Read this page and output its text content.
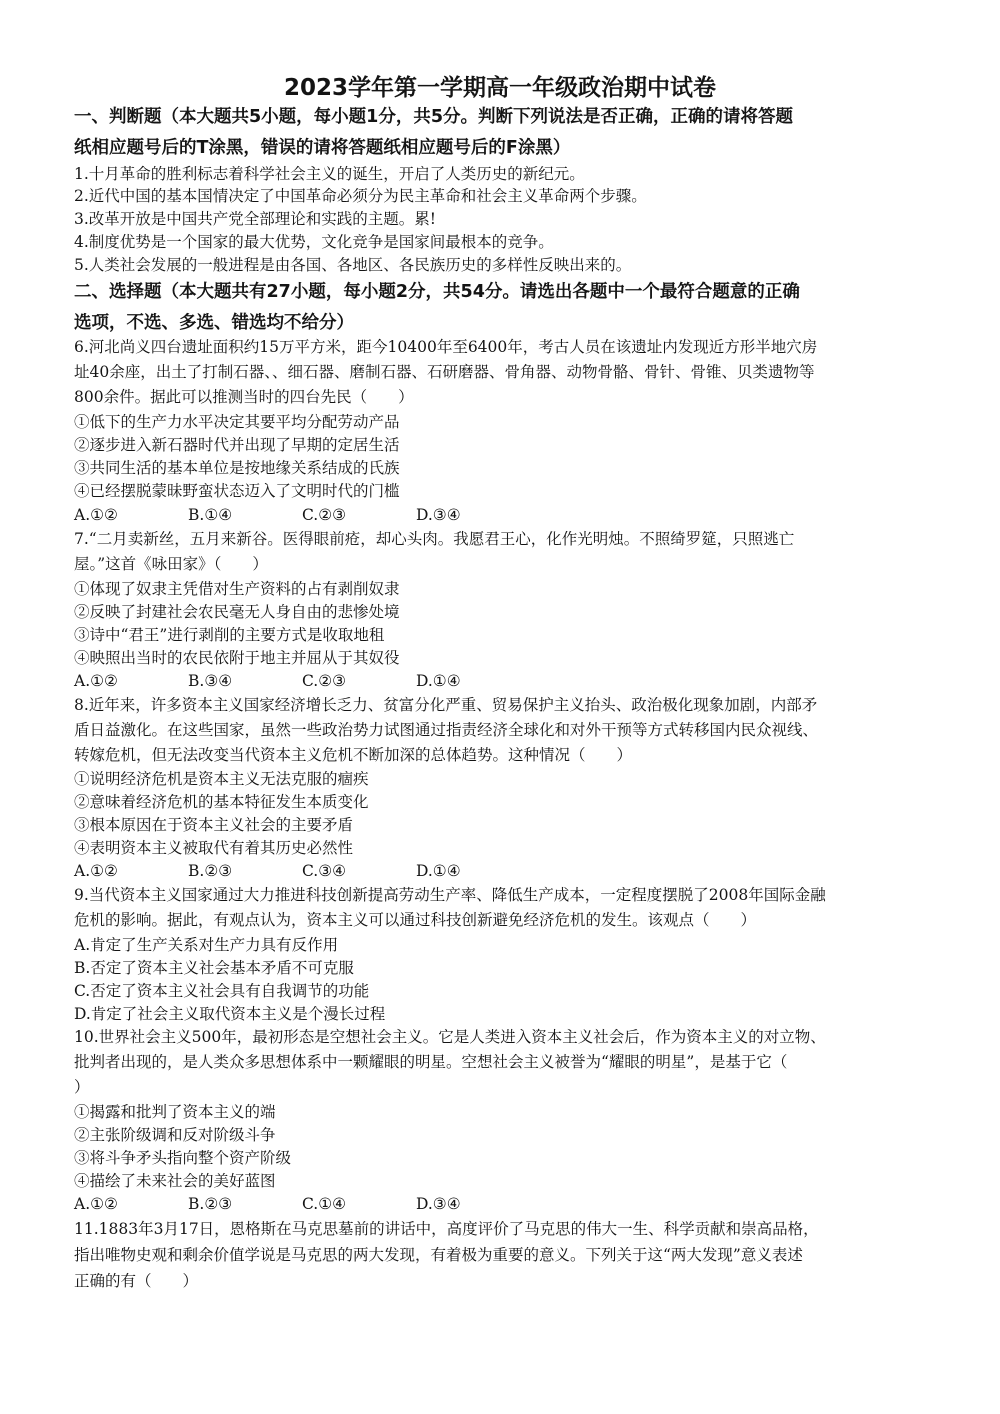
2023学年第一学期高一年级政治期中试卷
一、判断题（本大题共5小题，每小题1分，共5分。判断下列说法是否正确，正确的请将答题
纸相应题号后的T涂黑，错误的请将答题纸相应题号后的F涂黑）
1.十月革命的胜利标志着科学社会主义的诞生，开启了人类历史的新纪元。
2.近代中国的基本国情决定了中国革命必须分为民主革命和社会主义革命两个步骤。
3.改革开放是中国共产党全部理论和实践的主题。累!
4.制度优势是一个国家的最大优势，文化竞争是国家间最根本的竞争。
5.人类社会发展的一般进程是由各国、各地区、各民族历史的多样性反映出来的。
二、选择题（本大题共有27小题，每小题2分，共54分。请选出各题中一个最符合题意的正确
选项，不选、多选、错选均不给分）
6.河北尚义四台遗址面积约15万平方米，距今10400年至6400年，考古人员在该遗址内发现近方形半地穴房
址40余座，出土了打制石器、、细石器、磨制石器、石研磨器、骨角器、动物骨骼、骨针、骨锥、贝类遗物等
800余件。据此可以推测当时的四台先民（　　）
①低下的生产力水平决定其要平均分配劳动产品
②逐步进入新石器时代并出现了早期的定居生活
③共同生活的基本单位是按地缘关系结成的氏族
④已经摆脱蒙昧野蛮状态迈入了文明时代的门槛
A.①②	B.①④	C.②③	D.③④
7.“二月卖新丝，五月来新谷。医得眼前疮，却心头肉。我愿君王心，化作光明烛。不照绮罗筵，只照逃亡
屋。”这首《咏田家》（　　）
①体现了奴隶主凭借对生产资料的占有剥削奴隶
②反映了封建社会农民毫无人身自由的悲惨处境
③诗中“君王”进行剥削的主要方式是收取地租
④映照出当时的农民依附于地主并屈从于其奴役
A.①②	B.③④	C.②③	D.①④
8.近年来，许多资本主义国家经济增长乏力、贫富分化严重、贸易保护主义抬头、政治极化现象加剧，内部矛
盾日益激化。在这些国家，虽然一些政治势力试图通过指责经济全球化和对外干预等方式转移国内民众视线、
转嫁危机，但无法改变当代资本主义危机不断加深的总体趋势。这种情况（　　）
①说明经济危机是资本主义无法克服的痼疾
②意味着经济危机的基本特征发生本质变化
③根本原因在于资本主义社会的主要矛盾
④表明资本主义被取代有着其历史必然性
A.①②	B.②③	C.③④	D.①④
9.当代资本主义国家通过大力推进科技创新提高劳动生产率、降低生产成本，一定程度摆脱了2008年国际金融
危机的影响。据此，有观点认为，资本主义可以通过科技创新避免经济危机的发生。该观点（　　）
A.肯定了生产关系对生产力具有反作用
B.否定了资本主义社会基本矛盾不可克服
C.否定了资本主义社会具有自我调节的功能
D.肯定了社会主义取代资本主义是个漫长过程
10.世界社会主义500年，最初形态是空想社会主义。它是人类进入资本主义社会后，作为资本主义的对立物、
批判者出现的，是人类众多思想体系中一颗耀眼的明星。空想社会主义被誉为“耀眼的明星”，是基于它（
）
①揭露和批判了资本主义的端
②主张阶级调和反对阶级斗争
③将斗争矛头指向整个资产阶级
④描绘了未来社会的美好蓝图
A.①②	B.②③	C.①④	D.③④
11.1883年3月17日，恩格斯在马克思墓前的讲话中，高度评价了马克思的伟大一生、科学贡献和崇高品格，
指出唯物史观和剩余价值学说是马克思的两大发现，有着极为重要的意义。下列关于这“两大发现”意义表述
正确的有（　　）
